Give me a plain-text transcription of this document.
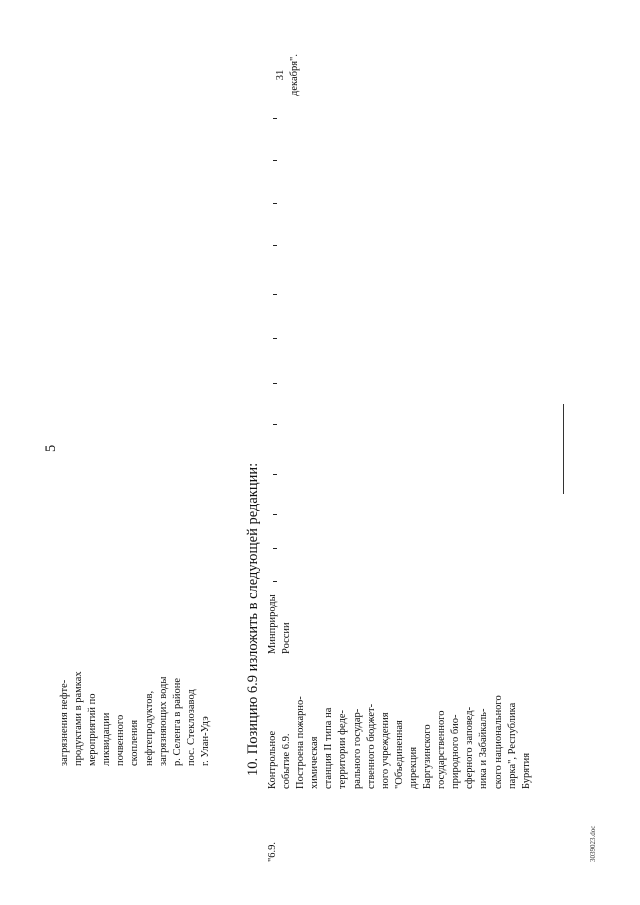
загрязнения нефте- продуктами в рамках мероприятий по ликвидации почвенного скопления нефтепродуктов, загрязняющих воды р. Селенга в районе пос. Стеклозавод г. Улан-Удэ
5
10. Позицию 6.9 изложить в следующей редакции:
"6.9.
Контрольное событие 6.9. Построена пожарно- химическая станция II типа на территории феде- рального государ- ственного бюджет- ного учреждения "Объединенная дирекция Баргузинского государственного природного био- сферного заповед- ника и Забайкаль- ского национального парка", Республика Бурятия
Минприроды России
31 декабря".
3039023.doc
